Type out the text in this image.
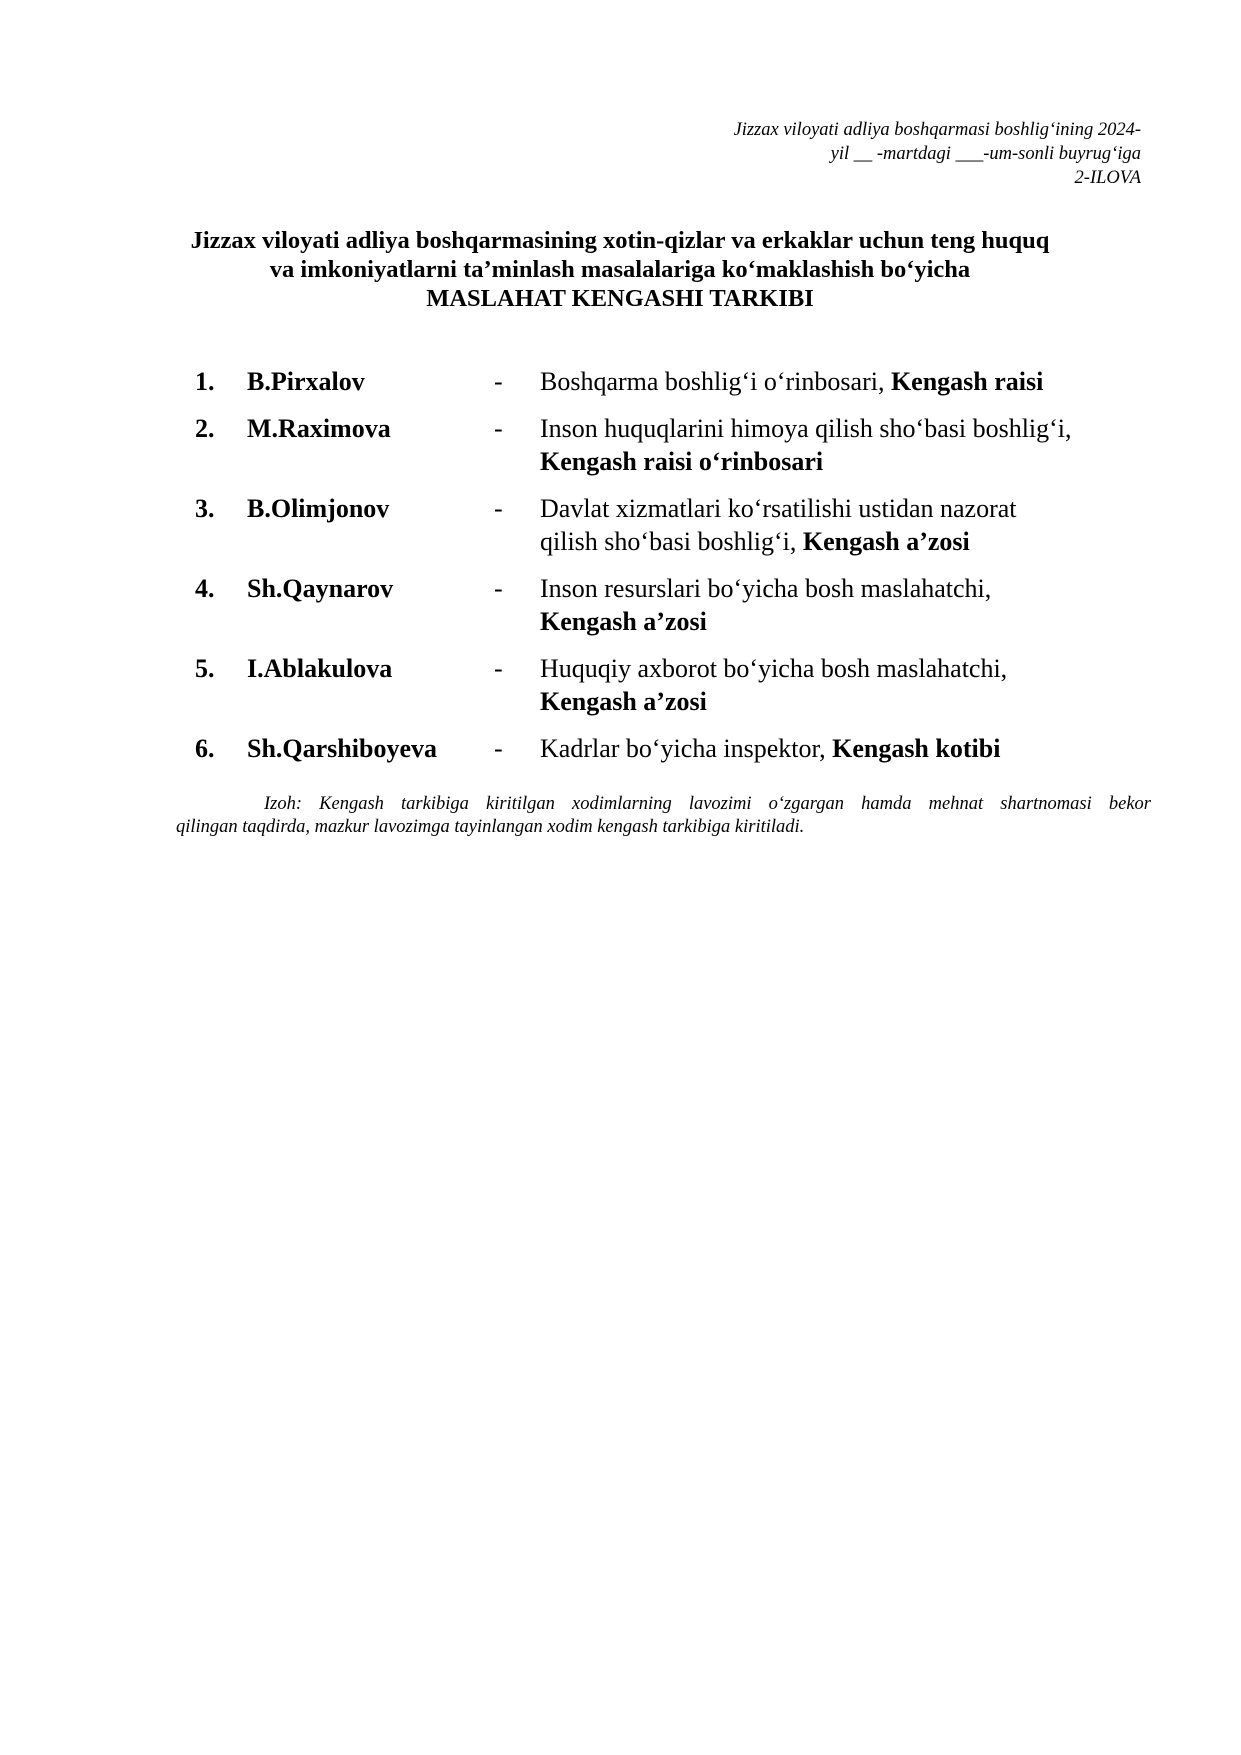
Jizzax viloyati adliya boshqarmasi boshlig‘ining 2024-
yil __ -martdagi ___-um-sonli buyrug‘iga
2-ILOVA
Jizzax viloyati adliya boshqarmasining xotin-qizlar va erkaklar uchun teng huquq
va imkoniyatlarni ta’minlash masalalariga ko‘maklashish bo‘yicha
MASLAHAT KENGASHI TARKIBI
1. B.Pirxalov	- Boshqarma boshlig‘i o‘rinbosari, Kengash raisi
2. M.Raximova	- Inson huquqlarini himoya qilish sho‘basi boshlig‘i,
Kengash raisi o‘rinbosari
3. B.Olimjonov	- Davlat xizmatlari ko‘rsatilishi ustidan nazorat
qilish sho‘basi boshlig‘i, Kengash a’zosi
4. Sh.Qaynarov	- Inson resurslari bo‘yicha bosh maslahatchi,
Kengash a’zosi
5. I.Ablakulova	- Huquqiy axborot bo‘yicha bosh maslahatchi,
Kengash a’zosi
6. Sh.Qarshiboyeva - Kadrlar bo‘yicha inspektor, Kengash kotibi
Izoh: Kengash tarkibiga kiritilgan xodimlarning lavozimi o‘zgargan hamda mehnat shartnomasi bekor
qilingan taqdirda, mazkur lavozimga tayinlangan xodim kengash tarkibiga kiritiladi.
